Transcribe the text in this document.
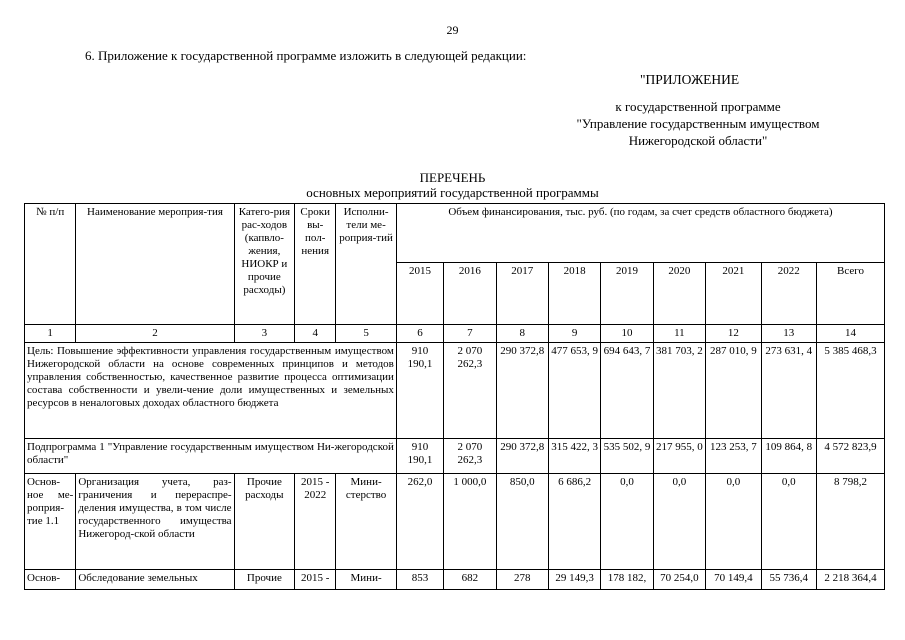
29
6. Приложение к государственной программе изложить в следующей редакции:
"ПРИЛОЖЕНИЕ
к государственной программе
"Управление государственным имуществом
Нижегородской области"
ПЕРЕЧЕНЬ
основных мероприятий государственной программы
№ п/п	Наименование мероприя-тия	Катего-рия рас-ходов (капвло-жения, НИОКР и прочие расходы)	Сроки вы-пол-нения	Исполни-тели ме-роприя-тий	Объем финансирования, тыс. руб. (по годам, за счет средств областного бюджета)								
					2015	2016	2017	2018	2019	2020	2021	2022	Всего
1	2	3	4	5	6	7	8	9	10	11	12	13	14
Цель: Повышение эффективности управления государственным имуществом Нижегородской области на основе современных принципов и методов управления собственностью, качественное развитие процесса оптимизации состава собственности и увели-чение доли имущественных и земельных ресурсов в неналоговых доходах областного бюджета					910 190,1	2 070 262,3	290 372,8	477 653, 9	694 643, 7	381 703, 2	287 010, 9	273 631, 4	5 385 468,3
Подпрограмма 1 "Управление государственным имуществом Ни-жегородской области"					910 190,1	2 070 262,3	290 372,8	315 422, 3	535 502, 9	217 955, 0	123 253, 7	109 864, 8	4 572 823,9
Основ-ное ме-роприя-тие 1.1	Организация учета, раз-граничения и перераспре-деления имущества, в том числе государственного имущества Нижегород-ской области	Прочие расходы	2015 - 2022	Мини-стерство	262,0	1 000,0	850,0	6 686,2	0,0	0,0	0,0	0,0	8 798,2
Основ-	Обследование земельных	Прочие	2015 -	Мини-	853	682	278	29 149,3	178 182,	70 254,0	70 149,4	55 736,4	2 218 364,4
